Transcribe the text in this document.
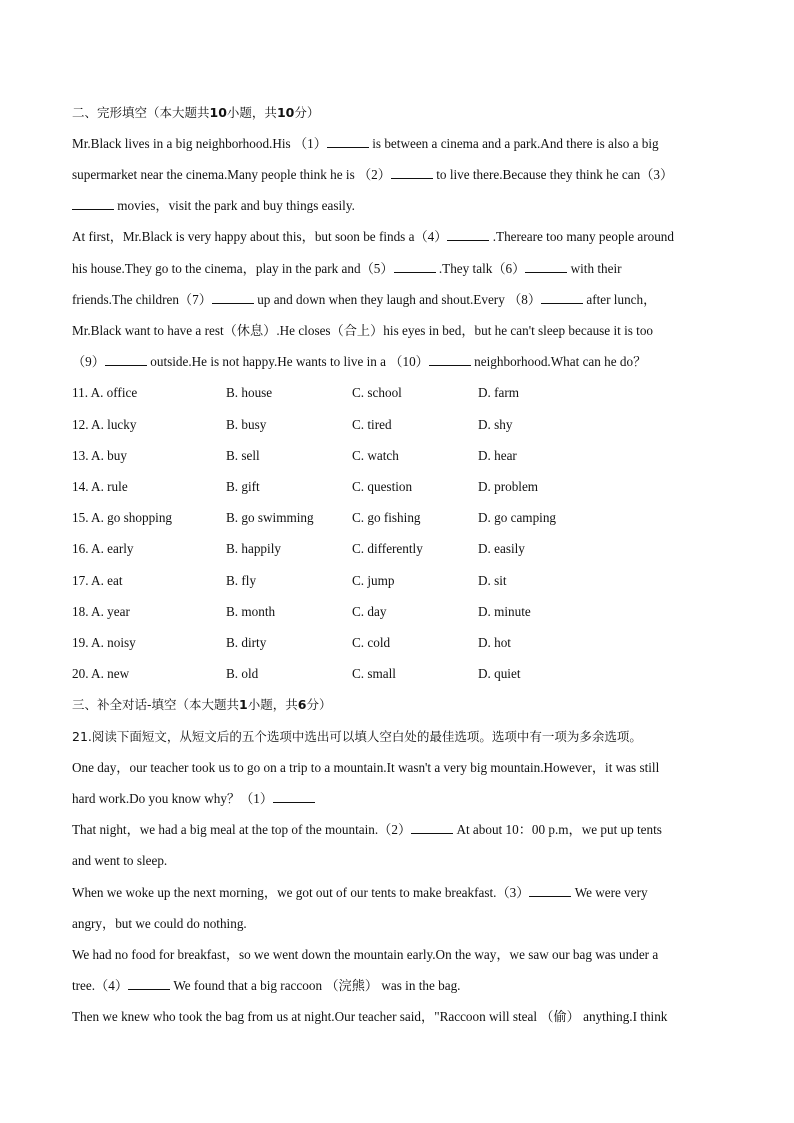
二、完形填空（本大题共10小题，共10分）
Mr.Black lives in a big neighborhood.His （1）	is between a cinema and a park.And there is also a big
supermarket near the cinema.Many people think he is （2）	to live there.Because they think he can（3）
movies，visit the park and buy things easily.
At first，Mr.Black is very happy about this，but soon be finds a（4）	.Thereare too many people around
his house.They go to the cinema，play in the park and（5）	.They talk（6）	with their
friends.The children（7）	up and down when they laugh and shout.Every （8）	after lunch，
Mr.Black want to have a rest（休息）.He closes（合上）his eyes in bed，but he can't sleep because it is too
（9）	outside.He is not happy.He wants to live in a （10）	neighborhood.What can he do？
11. A. office	B. house	C. school	D. farm
12. A. lucky	B. busy	C. tired	D. shy
13. A. buy	B. sell	C. watch	D. hear
14. A. rule	B. gift	C. question	D. problem
15. A. go shopping	B. go swimming	C. go fishing	D. go camping
16. A. early	B. happily	C. differently	D. easily
17. A. eat	B. fly	C. jump	D. sit
18. A. year	B. month	C. day	D. minute
19. A. noisy	B. dirty	C. cold	D. hot
20. A. new	B. old	C. small	D. quiet
三、补全对话-填空（本大题共1小题，共6分）
21.阅读下面短文，从短文后的五个选项中选出可以填人空白处的最佳选项。选项中有一项为多余选项。
One day，our teacher took us to go on a trip to a mountain.It wasn't a very big mountain.However，it was still
hard work.Do you know why？（1）
That night，we had a big meal at the top of the mountain.（2）	At about 10：00 p.m，we put up tents
and went to sleep.
When we woke up the next morning，we got out of our tents to make breakfast.（3）	We were very
angry，but we could do nothing.
We had no food for breakfast，so we went down the mountain early.On the way，we saw our bag was under a
tree.（4）	We found that a big raccoon （浣熊） was in the bag.
Then we knew who took the bag from us at night.Our teacher said，"Raccoon will steal （偷） anything.I think
